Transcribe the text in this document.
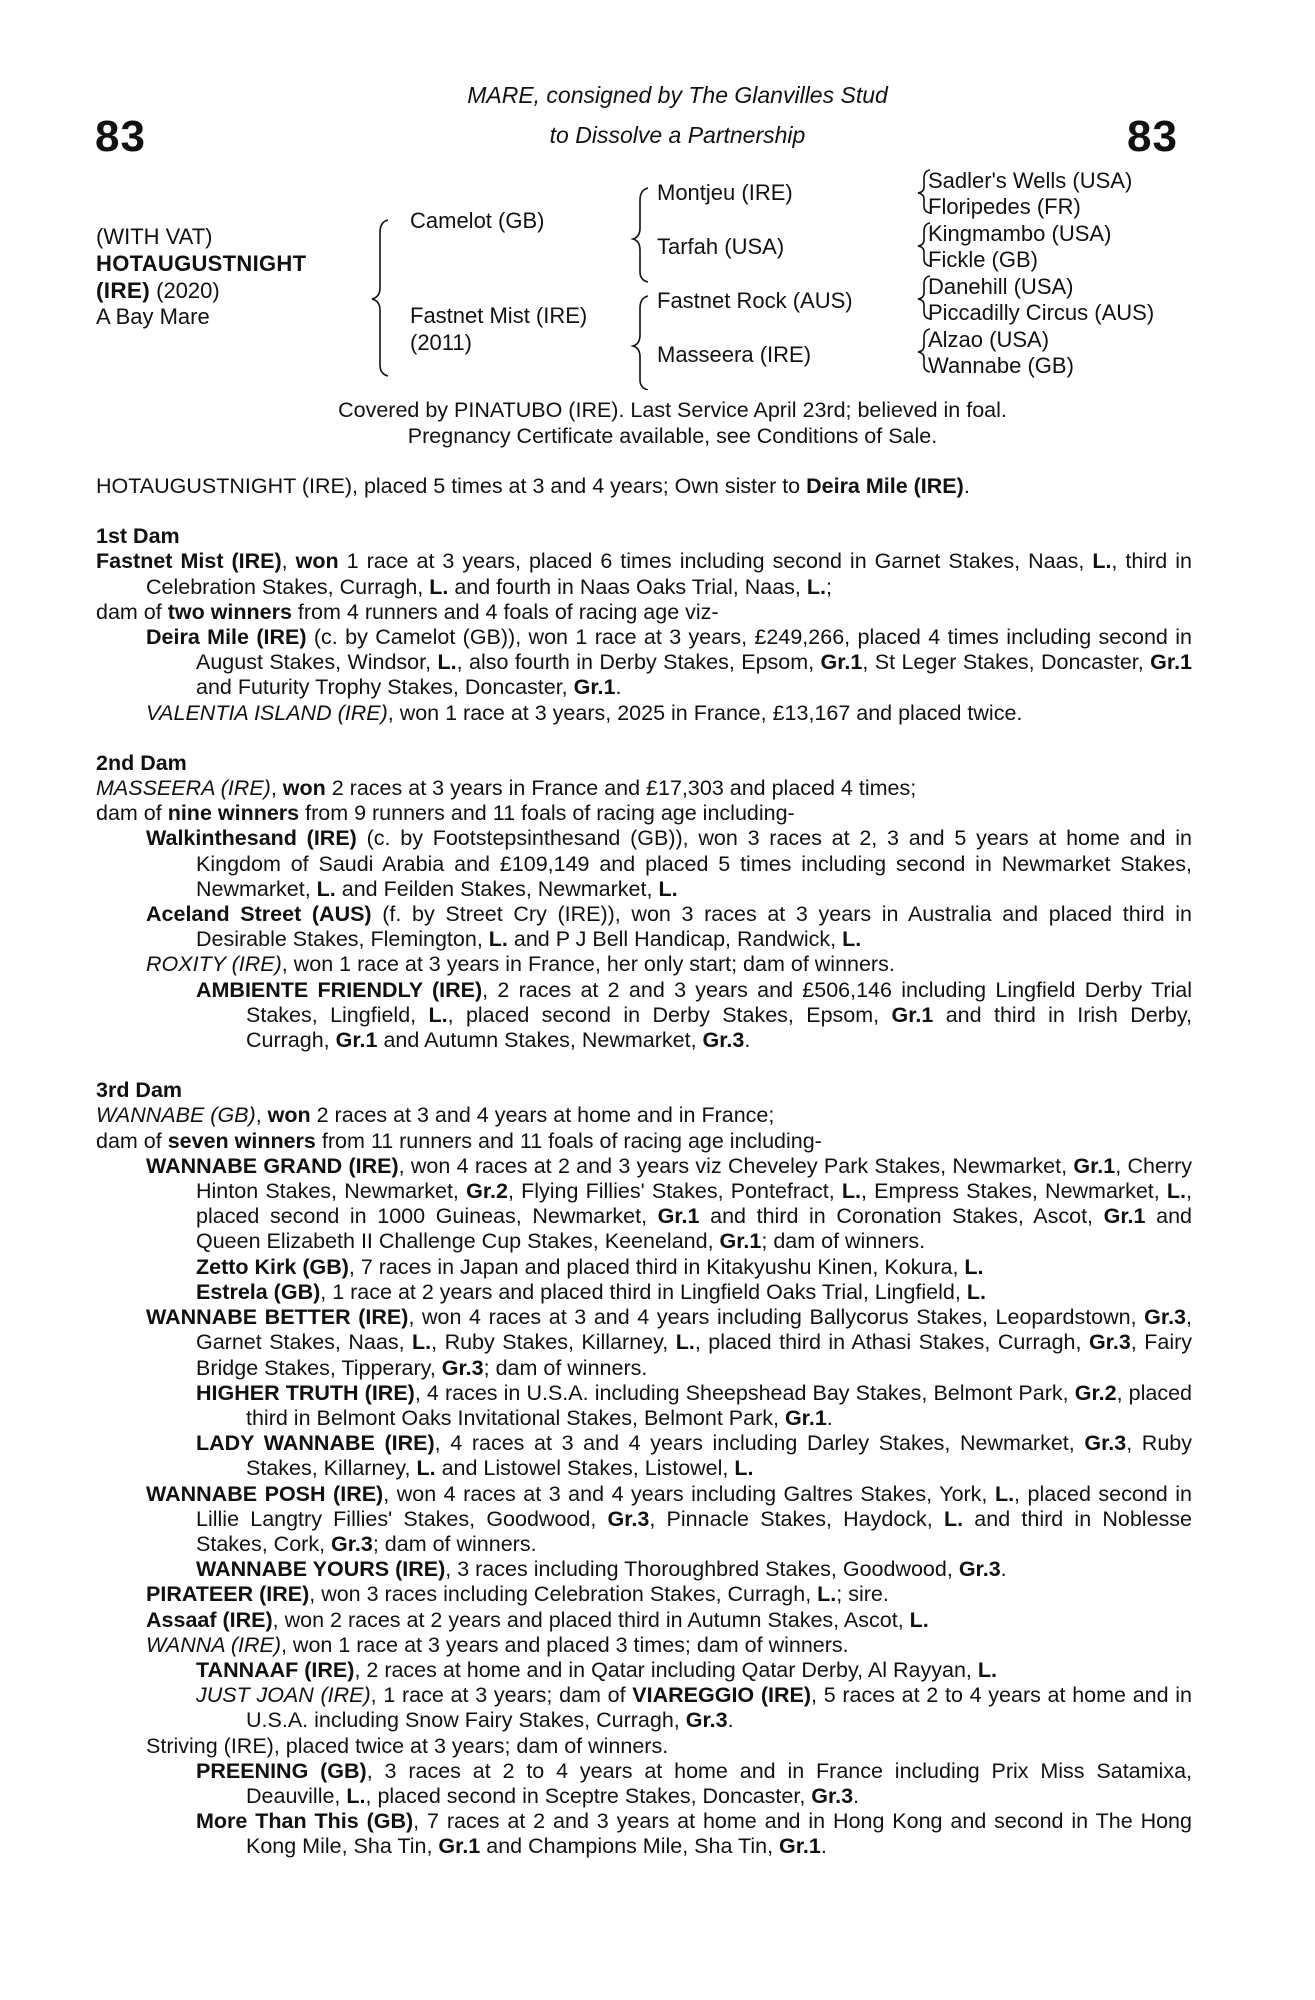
83	83
MARE, consigned by The Glanvilles Stud
to Dissolve a Partnership
(WITH VAT)
HOTAUGUSTNIGHT
(IRE) (2020)
A Bay Mare
Camelot (GB)
Fastnet Mist (IRE)
(2011)
Montjeu (IRE)
Tarfah (USA)
Fastnet Rock (AUS)
Masseera (IRE)
Sadler's Wells (USA)
Floripedes (FR)
Kingmambo (USA)
Fickle (GB)
Danehill (USA)
Piccadilly Circus (AUS)
Alzao (USA)
Wannabe (GB)
Covered by PINATUBO (IRE). Last Service April 23rd; believed in foal.
Pregnancy Certificate available, see Conditions of Sale.
HOTAUGUSTNIGHT (IRE), placed 5 times at 3 and 4 years; Own sister to Deira Mile (IRE).
1st Dam
Fastnet Mist (IRE), won 1 race at 3 years, placed 6 times including second in Garnet Stakes, Naas, L., third in Celebration Stakes, Curragh, L. and fourth in Naas Oaks Trial, Naas, L.;
dam of two winners from 4 runners and 4 foals of racing age viz-
Deira Mile (IRE) (c. by Camelot (GB)), won 1 race at 3 years, £249,266, placed 4 times including second in August Stakes, Windsor, L., also fourth in Derby Stakes, Epsom, Gr.1, St Leger Stakes, Doncaster, Gr.1 and Futurity Trophy Stakes, Doncaster, Gr.1.
VALENTIA ISLAND (IRE), won 1 race at 3 years, 2025 in France, £13,167 and placed twice.
2nd Dam
MASSEERA (IRE), won 2 races at 3 years in France and £17,303 and placed 4 times;
dam of nine winners from 9 runners and 11 foals of racing age including-
Walkinthesand (IRE) (c. by Footstepsinthesand (GB)), won 3 races at 2, 3 and 5 years at home and in Kingdom of Saudi Arabia and £109,149 and placed 5 times including second in Newmarket Stakes, Newmarket, L. and Feilden Stakes, Newmarket, L.
Aceland Street (AUS) (f. by Street Cry (IRE)), won 3 races at 3 years in Australia and placed third in Desirable Stakes, Flemington, L. and P J Bell Handicap, Randwick, L.
ROXITY (IRE), won 1 race at 3 years in France, her only start; dam of winners.
AMBIENTE FRIENDLY (IRE), 2 races at 2 and 3 years and £506,146 including Lingfield Derby Trial Stakes, Lingfield, L., placed second in Derby Stakes, Epsom, Gr.1 and third in Irish Derby, Curragh, Gr.1 and Autumn Stakes, Newmarket, Gr.3.
3rd Dam
WANNABE (GB), won 2 races at 3 and 4 years at home and in France;
dam of seven winners from 11 runners and 11 foals of racing age including-
WANNABE GRAND (IRE), won 4 races at 2 and 3 years viz Cheveley Park Stakes, Newmarket, Gr.1, Cherry Hinton Stakes, Newmarket, Gr.2, Flying Fillies' Stakes, Pontefract, L., Empress Stakes, Newmarket, L., placed second in 1000 Guineas, Newmarket, Gr.1 and third in Coronation Stakes, Ascot, Gr.1 and Queen Elizabeth II Challenge Cup Stakes, Keeneland, Gr.1; dam of winners.
Zetto Kirk (GB), 7 races in Japan and placed third in Kitakyushu Kinen, Kokura, L.
Estrela (GB), 1 race at 2 years and placed third in Lingfield Oaks Trial, Lingfield, L.
WANNABE BETTER (IRE), won 4 races at 3 and 4 years including Ballycorus Stakes, Leopardstown, Gr.3, Garnet Stakes, Naas, L., Ruby Stakes, Killarney, L., placed third in Athasi Stakes, Curragh, Gr.3, Fairy Bridge Stakes, Tipperary, Gr.3; dam of winners.
HIGHER TRUTH (IRE), 4 races in U.S.A. including Sheepshead Bay Stakes, Belmont Park, Gr.2, placed third in Belmont Oaks Invitational Stakes, Belmont Park, Gr.1.
LADY WANNABE (IRE), 4 races at 3 and 4 years including Darley Stakes, Newmarket, Gr.3, Ruby Stakes, Killarney, L. and Listowel Stakes, Listowel, L.
WANNABE POSH (IRE), won 4 races at 3 and 4 years including Galtres Stakes, York, L., placed second in Lillie Langtry Fillies' Stakes, Goodwood, Gr.3, Pinnacle Stakes, Haydock, L. and third in Noblesse Stakes, Cork, Gr.3; dam of winners.
WANNABE YOURS (IRE), 3 races including Thoroughbred Stakes, Goodwood, Gr.3.
PIRATEER (IRE), won 3 races including Celebration Stakes, Curragh, L.; sire.
Assaaf (IRE), won 2 races at 2 years and placed third in Autumn Stakes, Ascot, L.
WANNA (IRE), won 1 race at 3 years and placed 3 times; dam of winners.
TANNAAF (IRE), 2 races at home and in Qatar including Qatar Derby, Al Rayyan, L.
JUST JOAN (IRE), 1 race at 3 years; dam of VIAREGGIO (IRE), 5 races at 2 to 4 years at home and in U.S.A. including Snow Fairy Stakes, Curragh, Gr.3.
Striving (IRE), placed twice at 3 years; dam of winners.
PREENING (GB), 3 races at 2 to 4 years at home and in France including Prix Miss Satamixa, Deauville, L., placed second in Sceptre Stakes, Doncaster, Gr.3.
More Than This (GB), 7 races at 2 and 3 years at home and in Hong Kong and second in The Hong Kong Mile, Sha Tin, Gr.1 and Champions Mile, Sha Tin, Gr.1.
